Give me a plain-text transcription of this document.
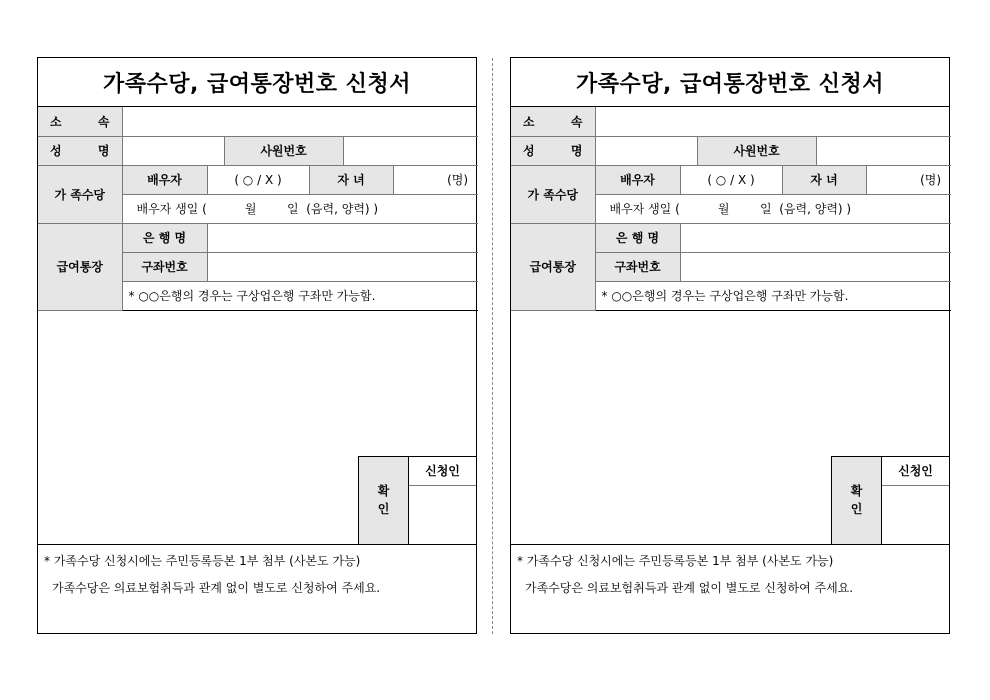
가족수당, 급여통장번호 신청서
소 속						

성 명			사원번호			
가 족수당	배우자	( ○ / X )		자 녀		(명)
	배우자 생일 (          월        일  (음력, 양력) )					
급여통장	은 행 명					
	구좌번호					
	* ○○은행의 경우는 구상업은행 구좌만 가능함.					
확
인
신청인
* 가족수당 신청시에는 주민등록등본 1부 첨부 (사본도 가능)
가족수당은 의료보험취득과 관계 없이 별도로 신청하여 주세요.
가족수당, 급여통장번호 신청서
소 속						

성 명			사원번호			
가 족수당	배우자	( ○ / X )		자 녀		(명)
	배우자 생일 (          월        일  (음력, 양력) )					
급여통장	은 행 명					
	구좌번호					
	* ○○은행의 경우는 구상업은행 구좌만 가능함.					
확
인
신청인
* 가족수당 신청시에는 주민등록등본 1부 첨부 (사본도 가능)
가족수당은 의료보험취득과 관계 없이 별도로 신청하여 주세요.
